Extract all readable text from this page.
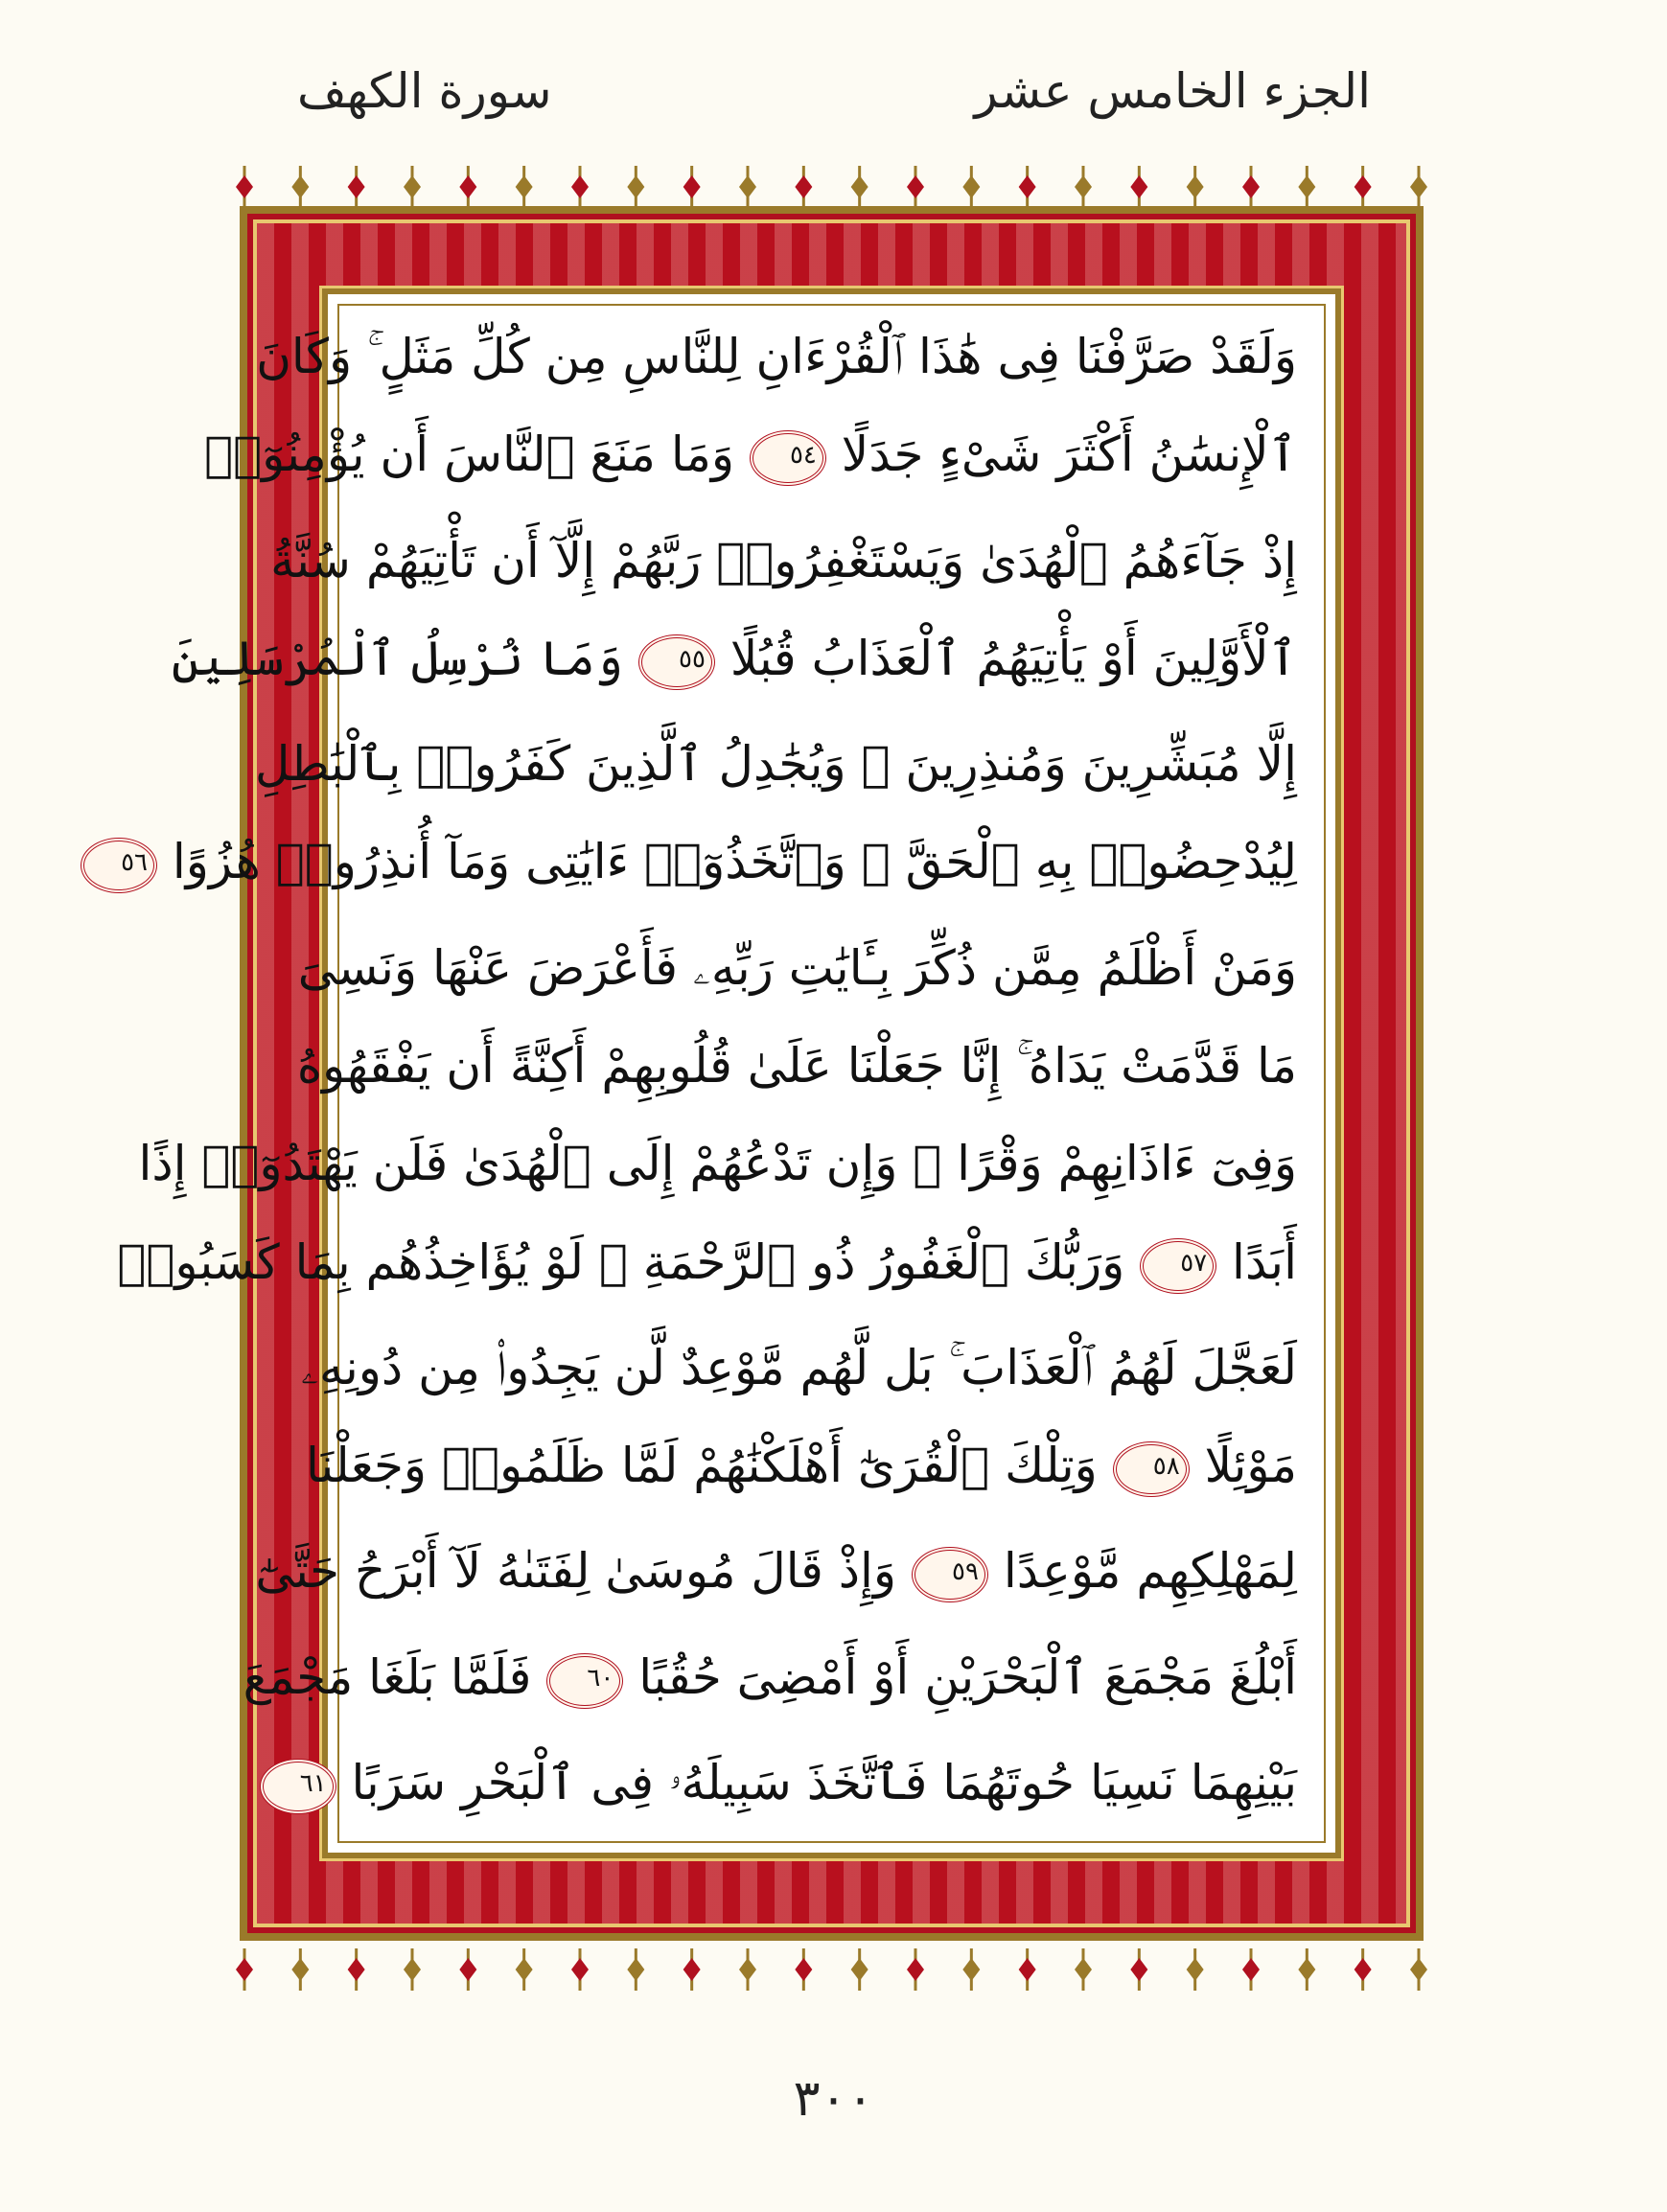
الجزء الخامس عشر
سورة الكهف
وَلَقَدْ صَرَّفْنَا فِى هَٰذَا ٱلْقُرْءَانِ لِلنَّاسِ مِن كُلِّ مَثَلٍ ۚ وَكَانَ
ٱلْإِنسَٰنُ أَكْثَرَ شَىْءٍ جَدَلًا ٥٤ وَمَا مَنَعَ ٱلنَّاسَ أَن يُؤْمِنُوٓا۟
إِذْ جَآءَهُمُ ٱلْهُدَىٰ وَيَسْتَغْفِرُوا۟ رَبَّهُمْ إِلَّآ أَن تَأْتِيَهُمْ سُنَّةُ
ٱلْأَوَّلِينَ أَوْ يَأْتِيَهُمُ ٱلْعَذَابُ قُبُلًا ٥٥ وَمَا نُرْسِلُ ٱلْمُرْسَلِينَ
إِلَّا مُبَشِّرِينَ وَمُنذِرِينَ ۚ وَيُجَٰدِلُ ٱلَّذِينَ كَفَرُوا۟ بِٱلْبَٰطِلِ
لِيُدْحِضُوا۟ بِهِ ٱلْحَقَّ ۖ وَٱتَّخَذُوٓا۟ ءَايَٰتِى وَمَآ أُنذِرُوا۟ هُزُوًا ٥٦
وَمَنْ أَظْلَمُ مِمَّن ذُكِّرَ بِـَٔايَٰتِ رَبِّهِۦ فَأَعْرَضَ عَنْهَا وَنَسِىَ
مَا قَدَّمَتْ يَدَاهُ ۚ إِنَّا جَعَلْنَا عَلَىٰ قُلُوبِهِمْ أَكِنَّةً أَن يَفْقَهُوهُ
وَفِىٓ ءَاذَانِهِمْ وَقْرًا ۖ وَإِن تَدْعُهُمْ إِلَى ٱلْهُدَىٰ فَلَن يَهْتَدُوٓا۟ إِذًا
أَبَدًا ٥٧ وَرَبُّكَ ٱلْغَفُورُ ذُو ٱلرَّحْمَةِ ۖ لَوْ يُؤَاخِذُهُم بِمَا كَسَبُوا۟
لَعَجَّلَ لَهُمُ ٱلْعَذَابَ ۚ بَل لَّهُم مَّوْعِدٌ لَّن يَجِدُوا۟ مِن دُونِهِۦ
مَوْئِلًا ٥٨ وَتِلْكَ ٱلْقُرَىٰٓ أَهْلَكْنَٰهُمْ لَمَّا ظَلَمُوا۟ وَجَعَلْنَا
لِمَهْلِكِهِم مَّوْعِدًا ٥٩ وَإِذْ قَالَ مُوسَىٰ لِفَتَىٰهُ لَآ أَبْرَحُ حَتَّىٰٓ
أَبْلُغَ مَجْمَعَ ٱلْبَحْرَيْنِ أَوْ أَمْضِىَ حُقُبًا ٦٠ فَلَمَّا بَلَغَا مَجْمَعَ
بَيْنِهِمَا نَسِيَا حُوتَهُمَا فَٱتَّخَذَ سَبِيلَهُۥ فِى ٱلْبَحْرِ سَرَبًا ٦١
٣٠٠
